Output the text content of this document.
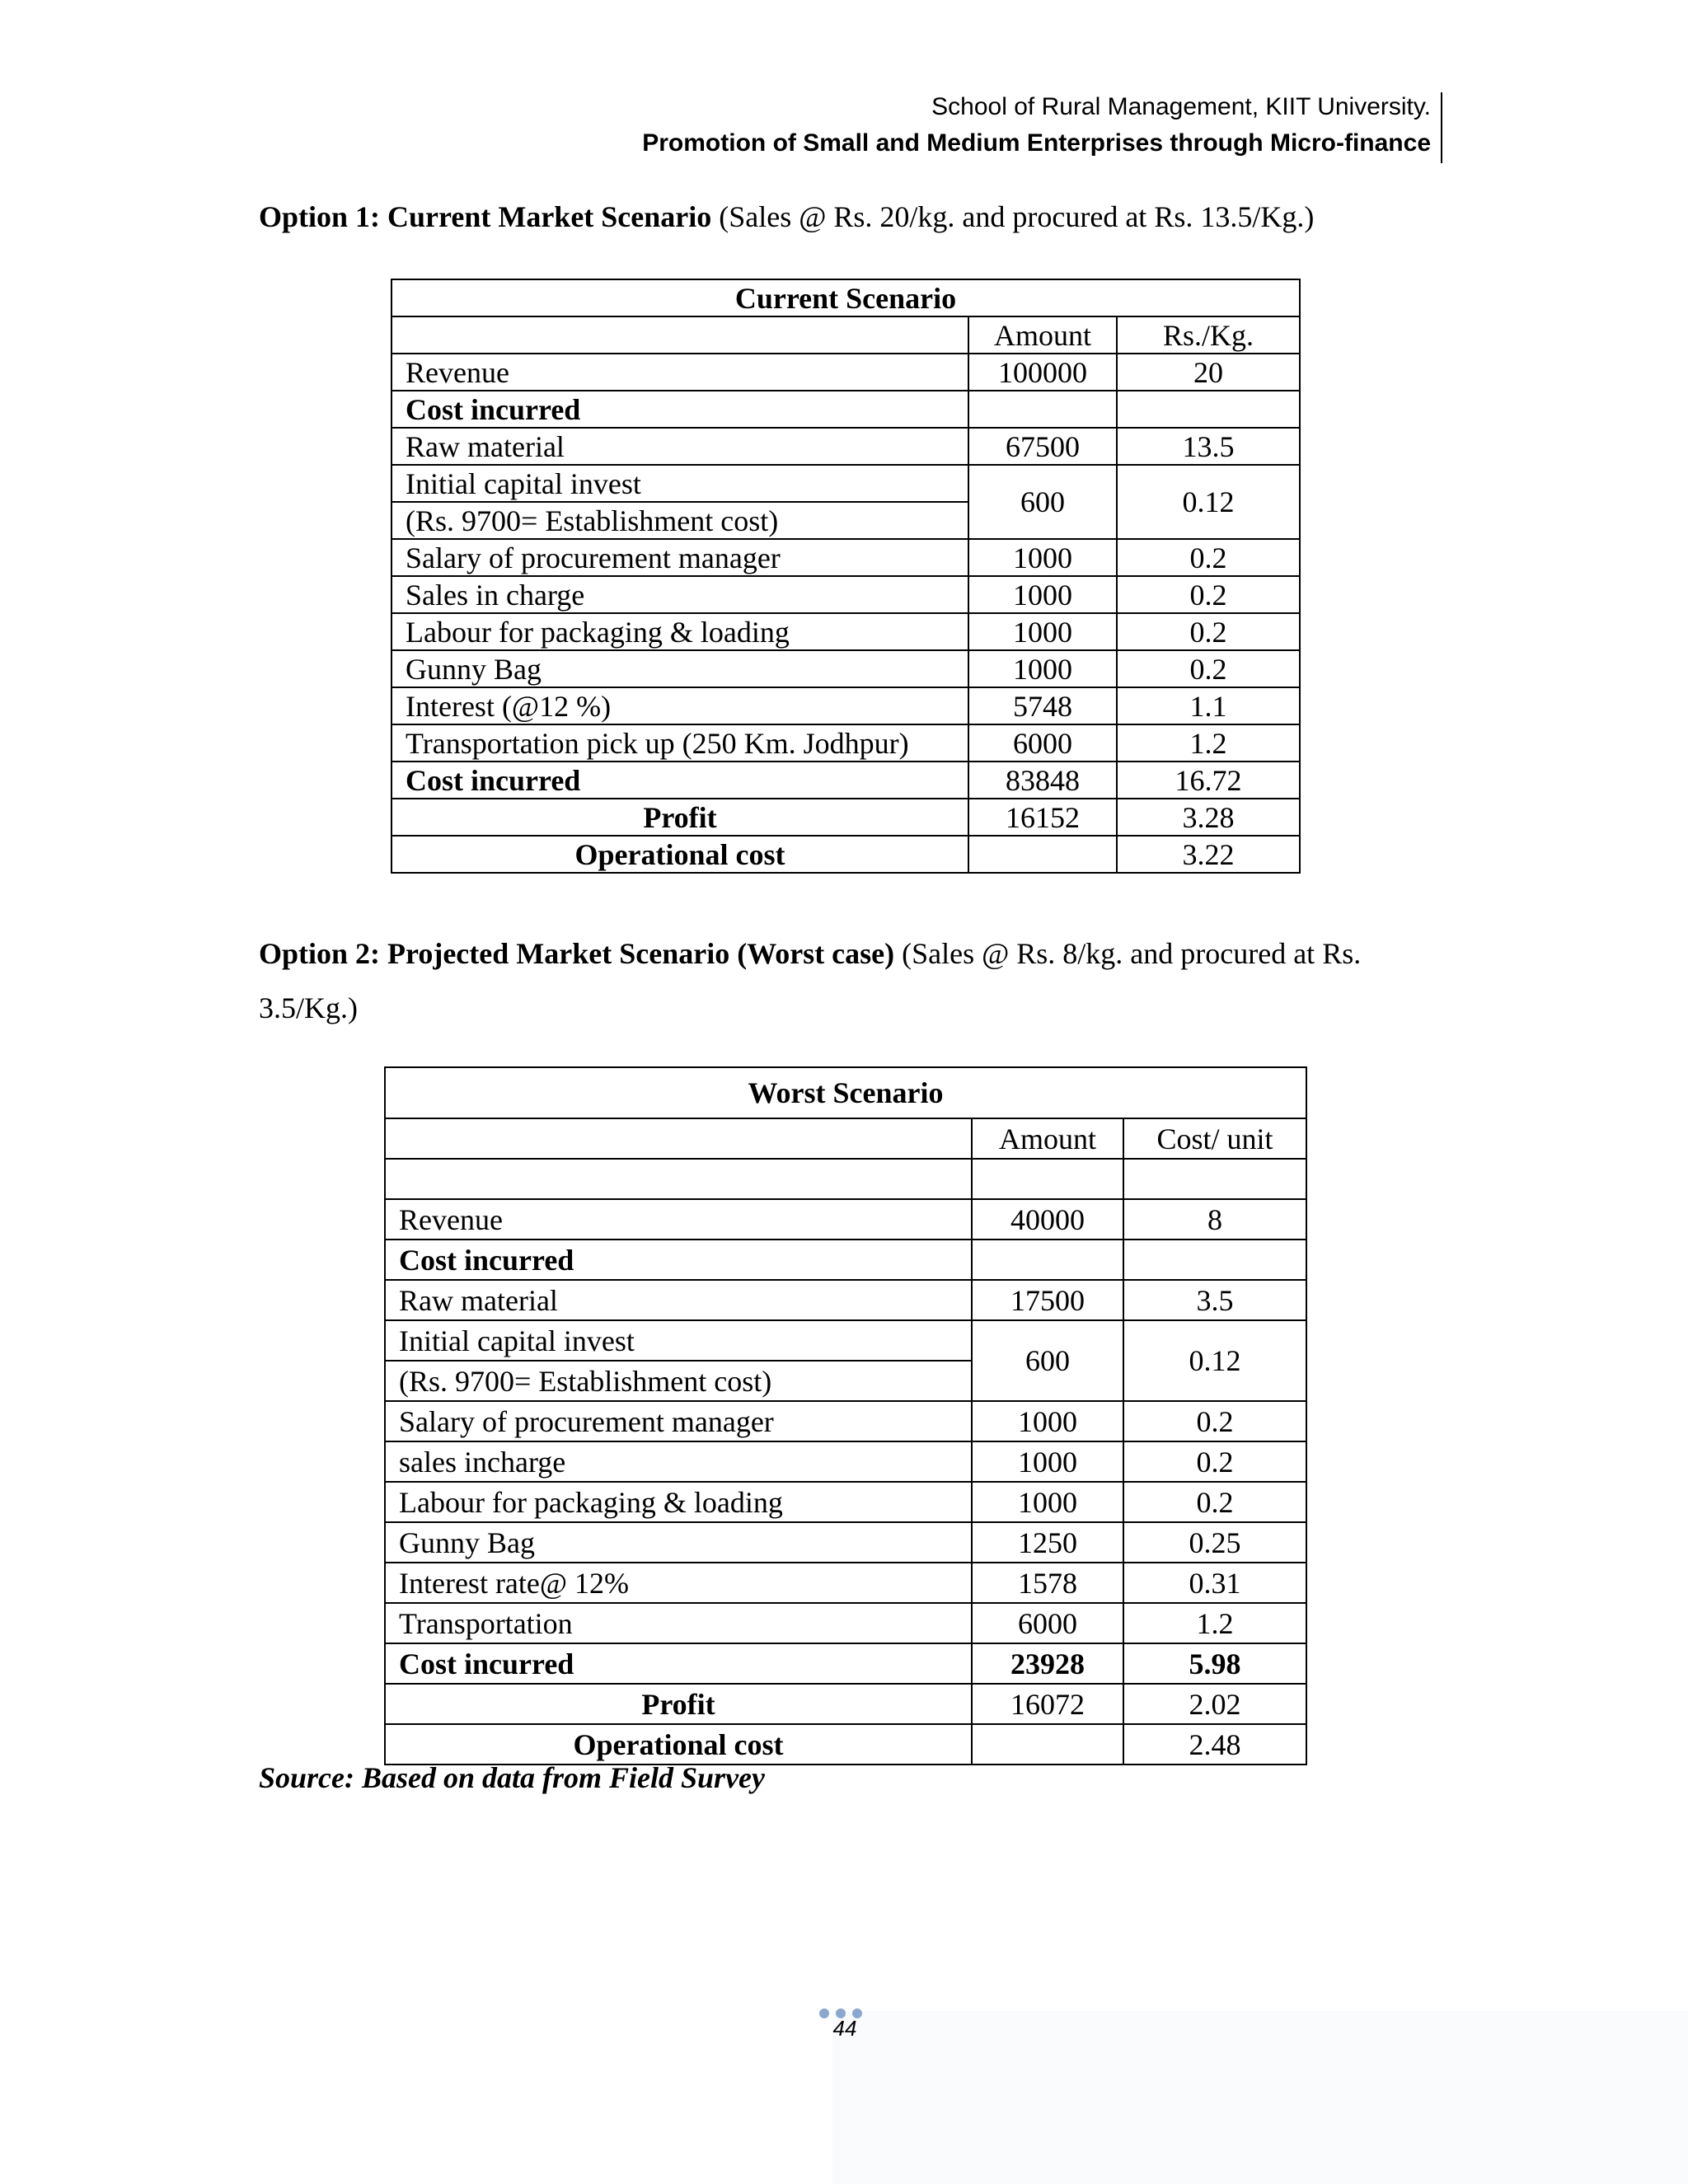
School of Rural Management, KIIT University.
Promotion of Small and Medium Enterprises through Micro-finance
Option 1: Current Market Scenario (Sales @ Rs. 20/kg. and procured at Rs. 13.5/Kg.)
Current Scenario		
	Amount	Rs./Kg.
Revenue	100000	20
Cost incurred		
Raw material	67500	13.5
Initial capital invest	600	0.12
(Rs. 9700= Establishment cost)		
Salary of procurement manager	1000	0.2
Sales in charge	1000	0.2
Labour for packaging & loading	1000	0.2
Gunny Bag	1000	0.2
Interest (@12 %)	5748	1.1
Transportation pick up (250 Km. Jodhpur)	6000	1.2
Cost incurred	83848	16.72
Profit	16152	3.28
Operational cost		3.22
Option 2: Projected Market Scenario (Worst case) (Sales @ Rs. 8/kg. and procured at Rs. 3.5/Kg.)
Worst Scenario		
	Amount	Cost/ unit

Revenue	40000	8
Cost incurred		
Raw material	17500	3.5
Initial capital invest	600	0.12
(Rs. 9700= Establishment cost)		
Salary of procurement manager	1000	0.2
sales incharge	1000	0.2
Labour for packaging & loading	1000	0.2
Gunny Bag	1250	0.25
Interest rate@ 12%	1578	0.31
Transportation	6000	1.2
Cost incurred	23928	5.98
Profit	16072	2.02
Operational cost		2.48
Source: Based on data from Field Survey
44
